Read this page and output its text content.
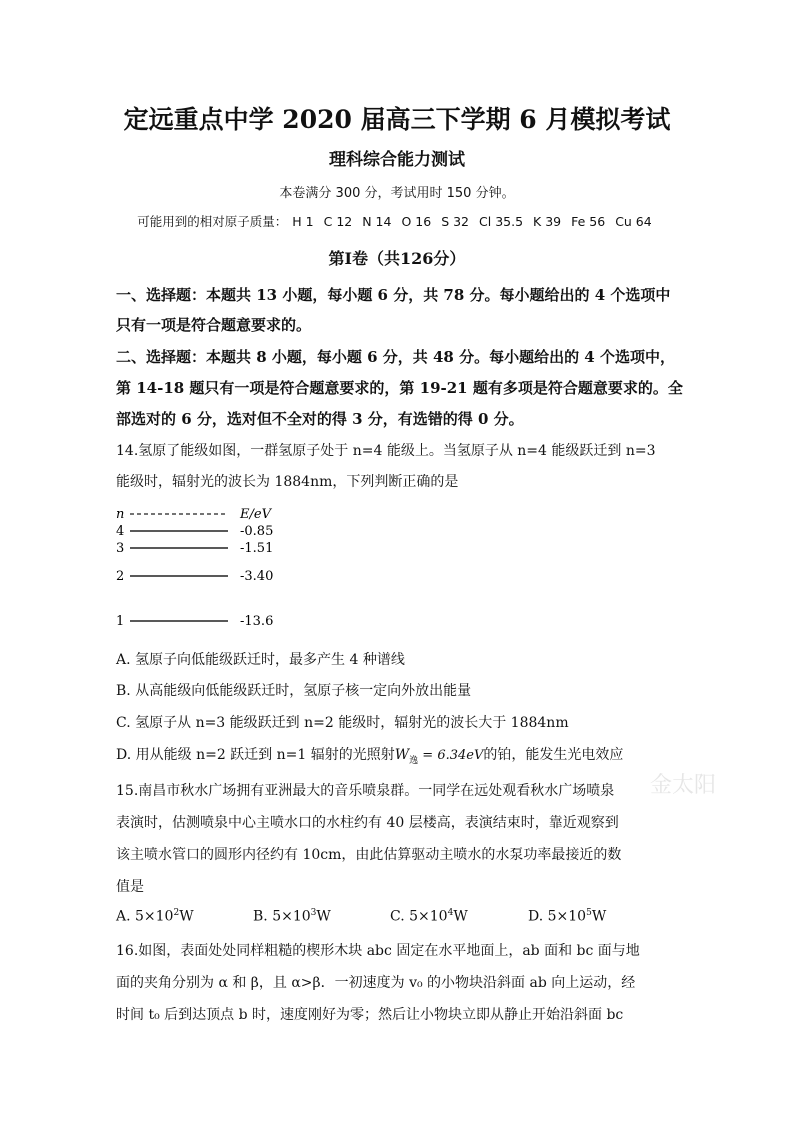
定远重点中学 2020 届高三下学期 6 月模拟考试
理科综合能力测试
本卷满分 300 分，考试用时 150 分钟。
可能用到的相对原子质量： H 1 C 12 N 14 O 16 S 32 Cl 35.5 K 39 Fe 56 Cu 64
第I卷（共126分）
一、选择题：本题共 13 小题，每小题 6 分，共 78 分。每小题给出的 4 个选项中
只有一项是符合题意要求的。
二、选择题：本题共 8 小题，每小题 6 分，共 48 分。每小题给出的 4 个选项中，
第 14-18 题只有一项是符合题意要求的，第 19-21 题有多项是符合题意要求的。全
部选对的 6 分，选对但不全对的得 3 分，有选错的得 0 分。
14.氢原了能级如图，一群氢原子处于 n=4 能级上。当氢原子从 n=4 能级跃迁到 n=3
能级时，辐射光的波长为 1884nm，下列判断正确的是
n	E/eV
4	-0.85
3	-1.51
2	-3.40
1	-13.6
A. 氢原子向低能级跃迁时，最多产生 4 种谱线
B. 从高能级向低能级跃迁时，氢原子核一定向外放出能量
C. 氢原子从 n=3 能级跃迁到 n=2 能级时，辐射光的波长大于 1884nm
D. 用从能级 n=2 跃迁到 n=1 辐射的光照射$W_逸 = 6.34eV$的铂，能发生光电效应
金太阳
15.南昌市秋水广场拥有亚洲最大的音乐喷泉群。一同学在远处观看秋水广场喷泉
表演时，估测喷泉中心主喷水口的水柱约有 40 层楼高，表演结束时，靠近观察到
该主喷水管口的圆形内径约有 10cm，由此估算驱动主喷水的水泵功率最接近的数
值是
A. $5\times 10^2W$	B. $5\times 10^3W$	C. $5\times 10^4W$	D. $5\times 10^5W$
16.如图，表面处处同样粗糙的楔形木块 abc 固定在水平地面上，ab 面和 bc 面与地
面的夹角分别为 α 和 β，且 α>β．一初速度为 v₀ 的小物块沿斜面 ab 向上运动，经
时间 t₀ 后到达顶点 b 时，速度刚好为零；然后让小物块立即从静止开始沿斜面 bc
